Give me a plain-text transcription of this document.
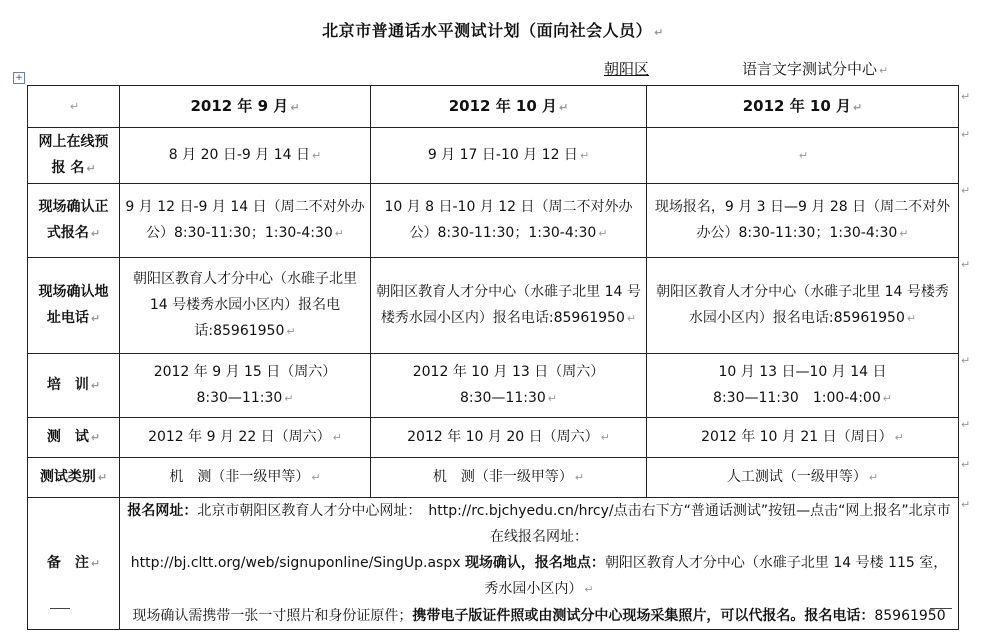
北京市普通话水平测试计划（面向社会人员） ↵
朝阳区	语言文字测试分中心 ↵
+
↵	2012 年 9 月 ↵	2012 年 10 月 ↵	2012 年 10 月 ↵
网上在线预报 名 ↵	8 月 20 日-9 月 14 日 ↵	9 月 17 日-10 月 12 日 ↵	↵
现场确认正式报名 ↵	9 月 12 日-9 月 14 日（周二不对外办公）8:30-11:30；1:30-4:30 ↵	10 月 8 日-10 月 12 日（周二不对外办公）8:30-11:30；1:30-4:30 ↵	现场报名，9 月 3 日—9 月 28 日（周二不对外办公）8:30-11:30；1:30-4:30 ↵
现场确认地址电话 ↵	朝阳区教育人才分中心（水碓子北里 14 号楼秀水园小区内）报名电话:85961950 ↵	朝阳区教育人才分中心（水碓子北里 14 号楼秀水园小区内）报名电话:85961950 ↵	朝阳区教育人才分中心（水碓子北里 14 号楼秀水园小区内）报名电话:85961950 ↵
培　训 ↵	2012 年 9 月 15 日（周六）
8:30—11:30 ↵	2012 年 10 月 13 日（周六）
8:30—11:30 ↵	10 月 13 日—10 月 14 日
8:30—11:30　1:00-4:00 ↵
测　试 ↵	2012 年 9 月 22 日（周六） ↵	2012 年 10 月 20 日（周六） ↵	2012 年 10 月 21 日（周日） ↵
测试类别 ↵	机　测（非一级甲等） ↵	机　测（非一级甲等） ↵	人工测试（一级甲等） ↵
备　注 ↵	报名网址：北京市朝阳区教育人才分中心网址：　http://rc.bjchyedu.cn/hrcy/点击右下方“普通话测试”按钮—点击“网上报名”北京市在线报名网址：
http://bj.cltt.org/web/signuponline/SingUp.aspx 现场确认，报名地点：朝阳区教育人才分中心（水碓子北里 14 号楼 115 室，秀水园小区内） ↵
现场确认需携带一张一寸照片和身份证原件；携带电子版证件照或由测试分中心现场采集照片，可以代报名。报名电话：85961950		
↵
↵
↵
↵
↵
↵
↵
↵
